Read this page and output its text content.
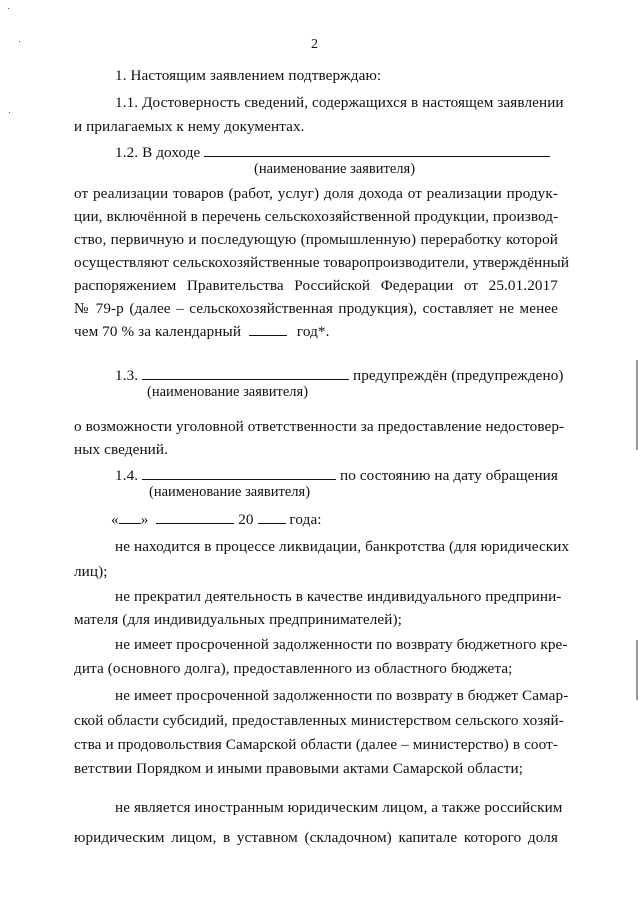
2
1. Настоящим заявлением подтверждаю:
1.1. Достоверность сведений, содержащихся в настоящем заявлении
и прилагаемых к нему документах.
1.2. В доходе
(наименование заявителя)
от реализации товаров (работ, услуг) доля дохода от реализации продук-
ции, включённой в перечень сельскохозяйственной продукции, производ-
ство, первичную и последующую (промышленную) переработку которой
осуществляют сельскохозяйственные товаропроизводители, утверждённый
распоряжением Правительства Российской Федерации от 25.01.2017
№ 79-р (далее – сельскохозяйственная продукция), составляет не менее
чем 70 % за календарный	год*.
1.3.	предупреждён (предупреждено)
(наименование заявителя)
о возможности уголовной ответственности за предоставление недостовер-
ных сведений.
1.4.	по состоянию на дату обращения
(наименование заявителя)
« »	20 года:
не находится в процессе ликвидации, банкротства (для юридических
лиц);
не прекратил деятельность в качестве индивидуального предприни-
мателя (для индивидуальных предпринимателей);
не имеет просроченной задолженности по возврату бюджетного кре-
дита (основного долга), предоставленного из областного бюджета;
не имеет просроченной задолженности по возврату в бюджет Самар-
ской области субсидий, предоставленных министерством сельского хозяй-
ства и продовольствия Самарской области (далее – министерство) в соот-
ветствии Порядком и иными правовыми актами Самарской области;
не является иностранным юридическим лицом, а также российским
юридическим лицом, в уставном (складочном) капитале которого доля
